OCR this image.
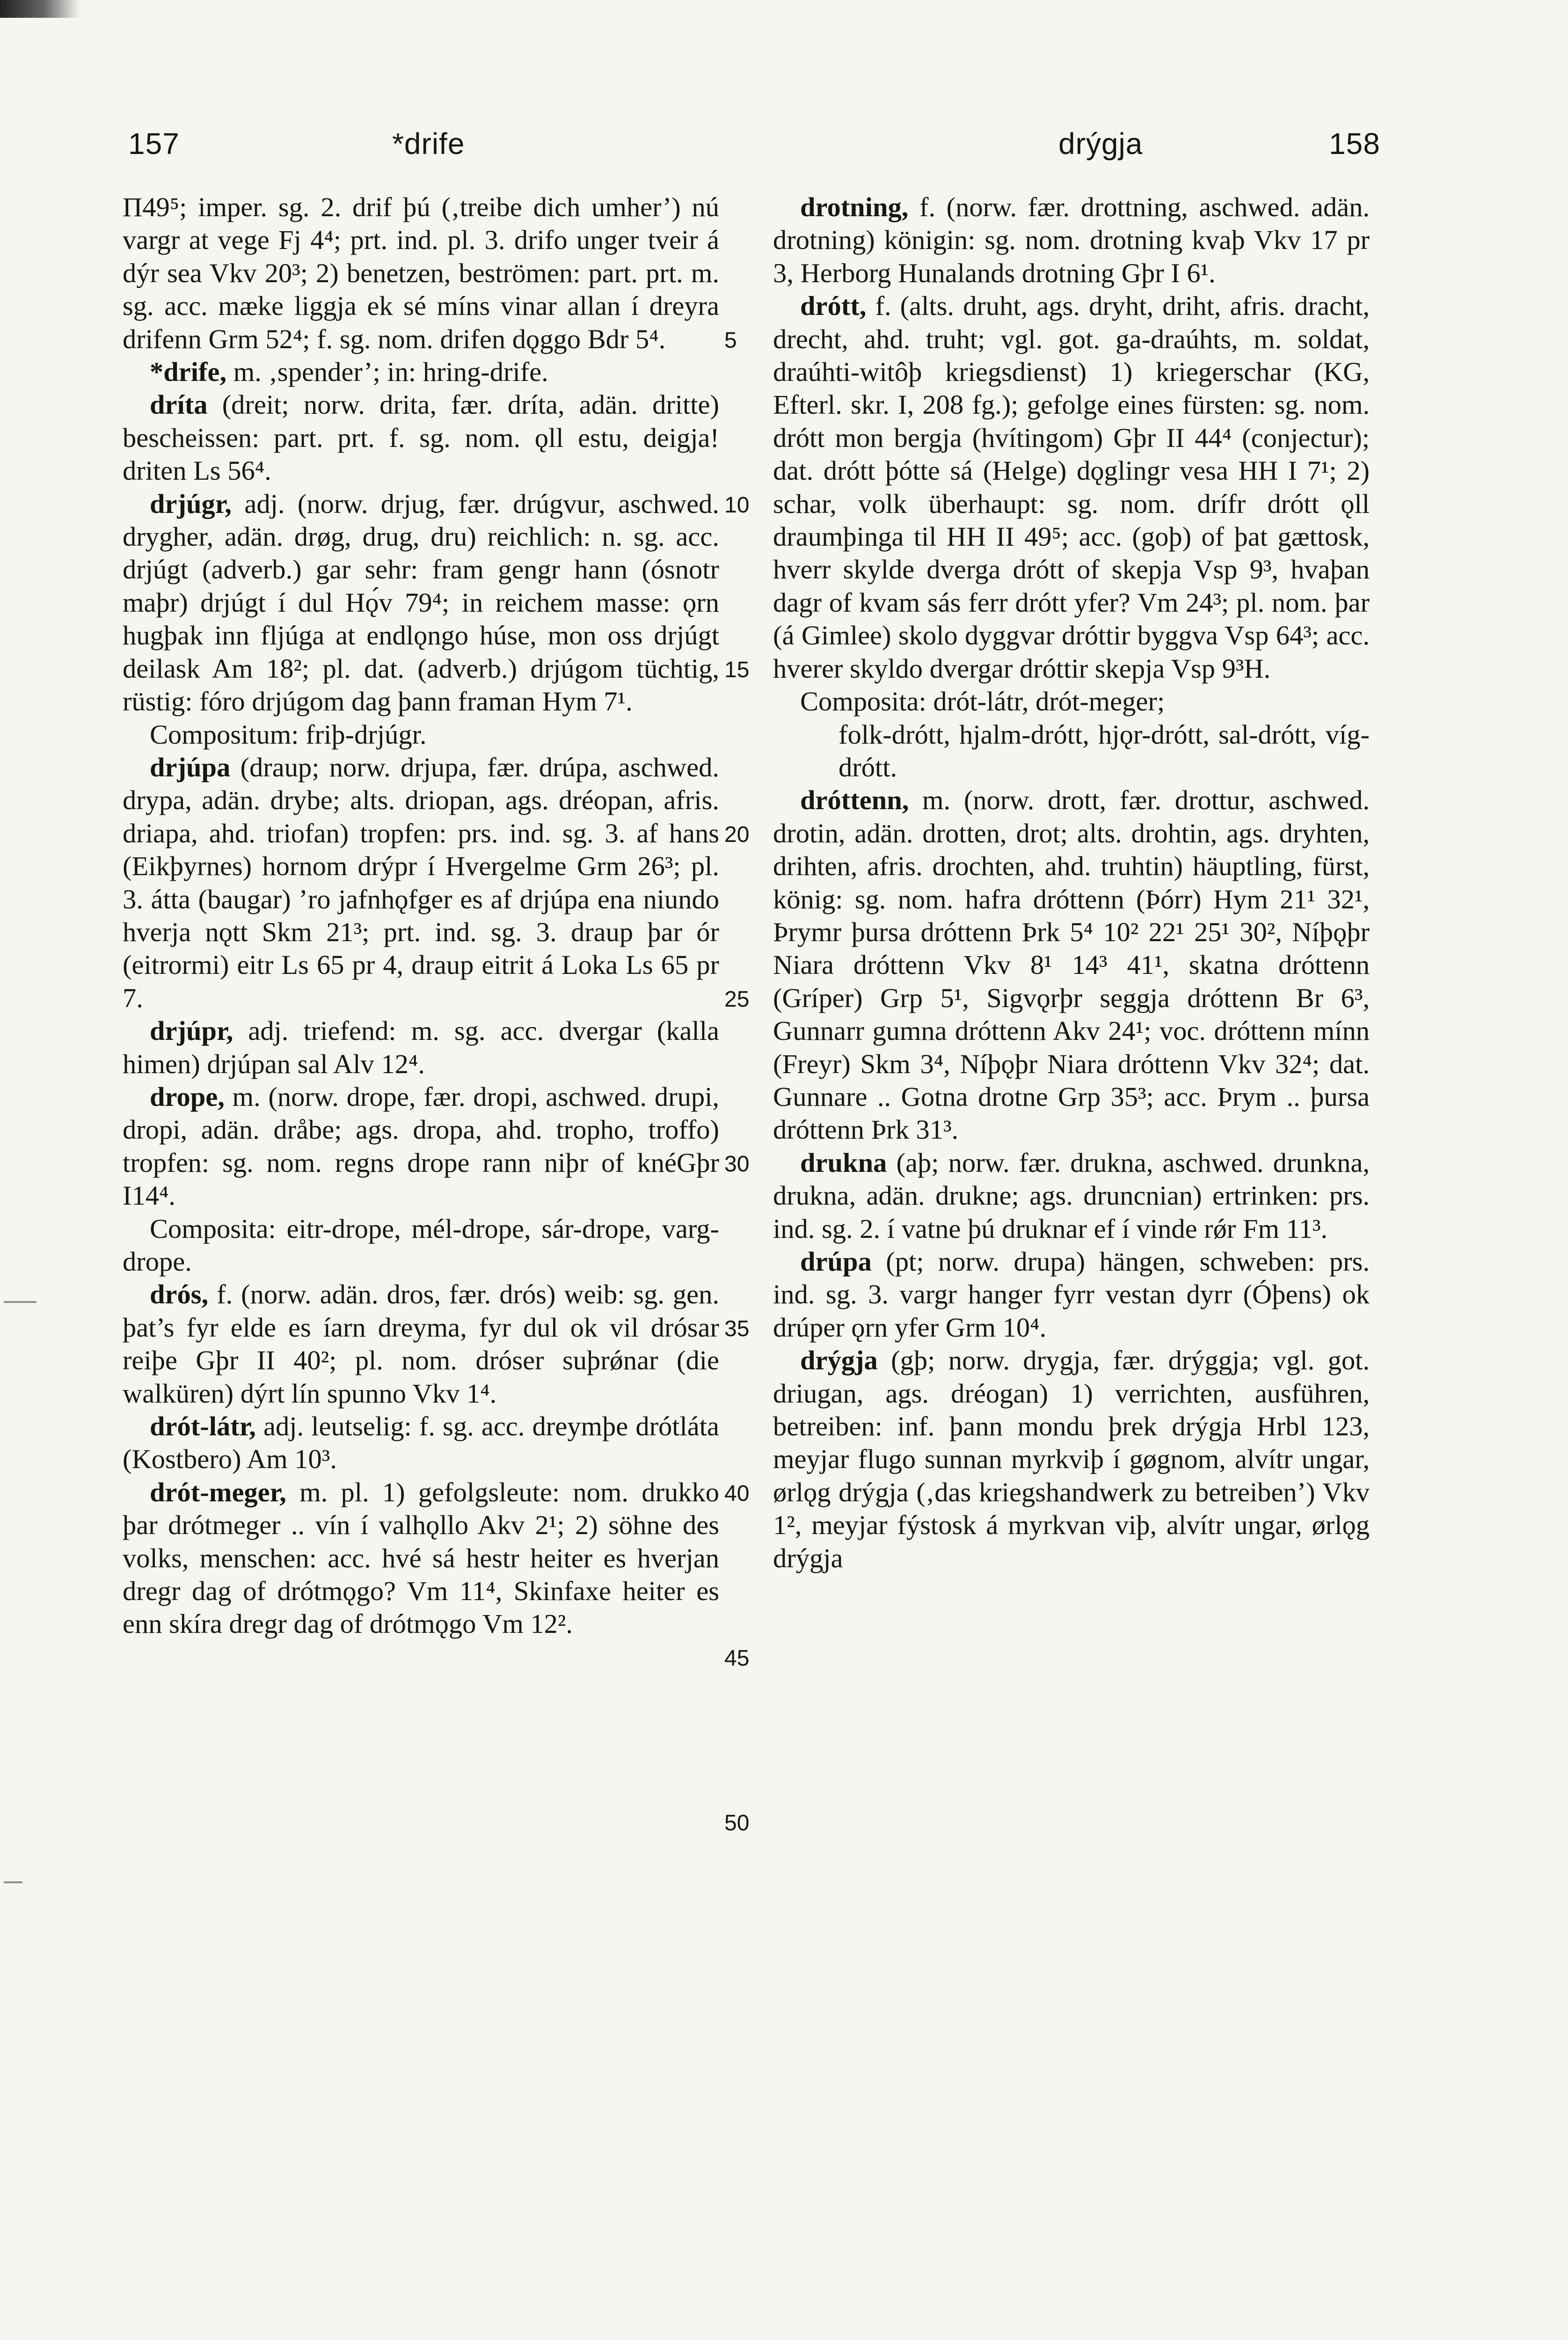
157	*drife	drýgja	158

Π49⁵; imper. sg. 2. drif þú (‚treibe dich umher’) nú vargr at vege Fj 4⁴; prt. ind. pl. 3. drifo unger tveir á dýr sea Vkv 20³; 2) benetzen, beströmen: part. prt. m. sg. acc. mæke liggja ek sé míns vinar allan í dreyra drifenn Grm 52⁴; f. sg. nom. drifen dǫggo Bdr 5⁴.

*drife, m. ‚spender’; in: hring-drife.

dríta (dreit; norw. drita, fær. dríta, adän. dritte) bescheissen: part. prt. f. sg. nom. ǫll estu, deigja! driten Ls 56⁴.

drjúgr, adj. (norw. drjug, fær. drúgvur, aschwed. drygher, adän. drøg, drug, dru) reichlich: n. sg. acc. drjúgt (adverb.) gar sehr: fram gengr hann (ósnotr maþr) drjúgt í dul Hǫ́v 79⁴; in reichem masse: ǫrn hugþak inn fljúga at endlǫngo húse, mon oss drjúgt deilask Am 18²; pl. dat. (adverb.) drjúgom tüchtig, rüstig: fóro drjúgom dag þann framan Hym 7¹.

Compositum: friþ-drjúgr.

drjúpa (draup; norw. drjupa, fær. drúpa, aschwed. drypa, adän. drybe; alts. driopan, ags. dréopan, afris. driapa, ahd. triofan) tropfen: prs. ind. sg. 3. af hans (Eikþyrnes) hornom drýpr í Hvergelme Grm 26³; pl. 3. átta (baugar) ’ro jafnhǫfger es af drjúpa ena niundo hverja nǫtt Skm 21³; prt. ind. sg. 3. draup þar ór (eitrormi) eitr Ls 65 pr 4, draup eitrit á Loka Ls 65 pr 7.

drjúpr, adj. triefend: m. sg. acc. dvergar (kalla himen) drjúpan sal Alv 12⁴.

drope, m. (norw. drope, fær. dropi, aschwed. drupi, dropi, adän. dråbe; ags. dropa, ahd. tropho, troffo) tropfen: sg. nom. regns drope rann niþr of knéGþr I14⁴.

Composita: eitr-drope, mél-drope, sár-drope, varg-drope.

drós, f. (norw. adän. dros, fær. drós) weib: sg. gen. þat’s fyr elde es íarn dreyma, fyr dul ok vil drósar reiþe Gþr II 40²; pl. nom. dróser suþrǿnar (die walküren) dýrt lín spunno Vkv 1⁴.

drót-látr, adj. leutselig: f. sg. acc. dreymþe drótláta (Kostbero) Am 10³.

drót-meger, m. pl. 1) gefolgsleute: nom. drukko þar drótmeger .. vín í valhǫllo Akv 2¹; 2) söhne des volks, menschen: acc. hvé sá hestr heiter es hverjan dregr dag of drótmǫgo? Vm 11⁴, Skinfaxe heiter es enn skíra dregr dag of drótmǫgo Vm 12².

drotning, f. (norw. fær. drottning, aschwed. adän. drotning) königin: sg. nom. drotning kvaþ Vkv 17 pr 3, Herborg Hunalands drotning Gþr I 6¹.

drótt, f. (alts. druht, ags. dryht, driht, afris. dracht, drecht, ahd. truht; vgl. got. ga-draúhts, m. soldat, draúhti-witôþ kriegsdienst) 1) kriegerschar (KG, Efterl. skr. I, 208 fg.); gefolge eines fürsten: sg. nom. drótt mon bergja (hvítingom) Gþr II 44⁴ (conjectur); dat. drótt þótte sá (Helge) dǫglingr vesa HH I 7¹; 2) schar, volk überhaupt: sg. nom. drífr drótt ǫll draumþinga til HH II 49⁵; acc. (goþ) of þat gættosk, hverr skylde dverga drótt of skepja Vsp 9³, hvaþan dagr of kvam sás ferr drótt yfer? Vm 24³; pl. nom. þar (á Gimlee) skolo dyggvar dróttir byggva Vsp 64³; acc. hverer skyldo dvergar dróttir skepja Vsp 9³H.

Composita: drót-látr, drót-meger;

folk-drótt, hjalm-drótt, hjǫr-drótt, sal-drótt, víg-drótt.

dróttenn, m. (norw. drott, fær. drottur, aschwed. drotin, adän. drotten, drot; alts. drohtin, ags. dryhten, drihten, afris. drochten, ahd. truhtin) häuptling, fürst, könig: sg. nom. hafra dróttenn (Þórr) Hym 21¹ 32¹, Þrymr þursa dróttenn Þrk 5⁴ 10² 22¹ 25¹ 30², Níþǫþr Niara dróttenn Vkv 8¹ 14³ 41¹, skatna dróttenn (Gríper) Grp 5¹, Sigvǫrþr seggja dróttenn Br 6³, Gunnarr gumna dróttenn Akv 24¹; voc. dróttenn mínn (Freyr) Skm 3⁴, Níþǫþr Niara dróttenn Vkv 32⁴; dat. Gunnare .. Gotna drotne Grp 35³; acc. Þrym .. þursa dróttenn Þrk 31³.

drukna (aþ; norw. fær. drukna, aschwed. drunkna, drukna, adän. drukne; ags. druncnian) ertrinken: prs. ind. sg. 2. í vatne þú druknar ef í vinde rǿr Fm 11³.

drúpa (pt; norw. drupa) hängen, schweben: prs. ind. sg. 3. vargr hanger fyrr vestan dyrr (Óþens) ok drúper ǫrn yfer Grm 10⁴.

drýgja (gþ; norw. drygja, fær. drýggja; vgl. got. driugan, ags. dréogan) 1) verrichten, ausführen, betreiben: inf. þann mondu þrek drýgja Hrbl 123, meyjar flugo sunnan myrkviþ í gøgnom, alvítr ungar, ørlǫg drýgja (‚das kriegshandwerk zu betreiben’) Vkv 1², meyjar fýstosk á myrkvan viþ, alvítr ungar, ørlǫg drýgja

5
10
15
20
25
30
35
40
45
50
